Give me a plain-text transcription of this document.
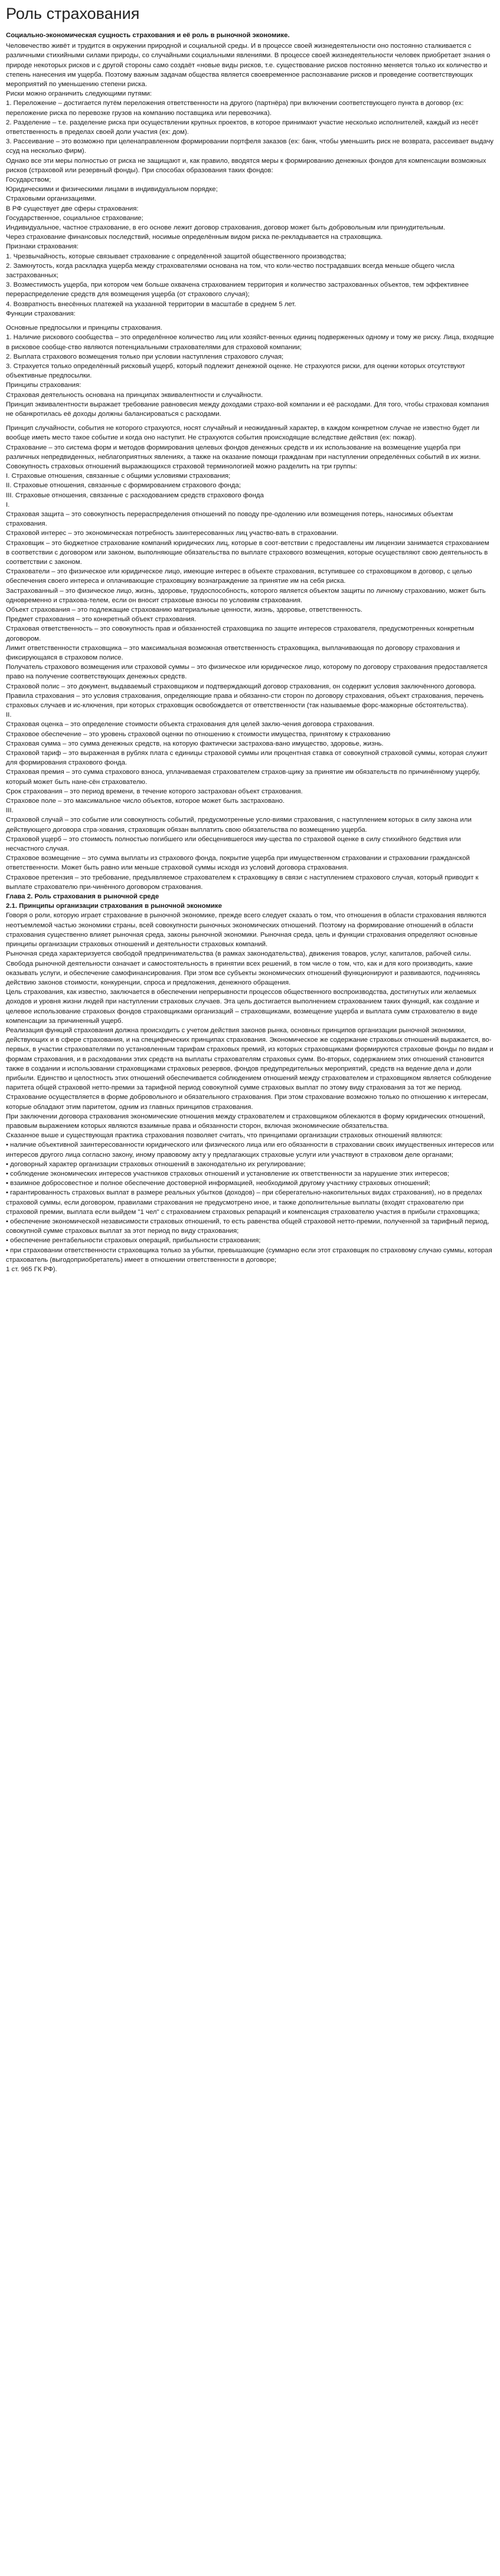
Роль страхования

Социально-экономическая сущность страхования и её роль в рыночной экономике.

Человечество живёт и трудится в окружении природной и социальной среды. И в процессе своей жизнедеятельности оно постоянно сталкивается с различными стихийными силами природы, со случайными социальными явлениями. В процессе своей жизнедеятельности человек приобретает знания о природе некоторых рисков и с другой стороны само создаёт «новые виды рисков, т.е. существование рисков постоянно меняется только их количество и степень нанесения им ущерба. Поэтому важным задачам общества является своевременное распознавание рисков и проведение соответствующих мероприятий по уменьшению степени риска.

Риски можно ограничить следующими путями:

1. Переложение – достигается путём переложения ответственности на другого (партнёра) при включении соответствующего пункта в договор (ex: переложение риска по перевозке грузов на компанию поставщика или перевозчика).

2. Разделение – т.е. разделение риска при осуществлении крупных проектов, в которое принимают участие несколько исполнителей, каждый из несёт ответственность в пределах своей доли участия (ex: дом).

3. Рассеивание – это возможно при целенаправленном формировании портфеля заказов (ex: банк, чтобы уменьшить риск не возврата, рассеивает выдачу ссуд на несколько фирм).

Однако все эти меры полностью от риска не защищают и, как правило, вводятся меры к формированию денежных фондов для компенсации возможных рисков (страховой или резервный фонды). При способах образования таких фондов:

Государством;

Юридическими и физическими лицами в индивидуальном порядке;

Страховыми организациями.

В РФ существует две сферы страхования:

Государственное, социальное страхование;

Индивидуальное, частное страхование, в его основе лежит договор страхования, договор может быть добровольным или принудительным.

Через страхование финансовых последствий, носимые определённым видом риска пе-рекладывается на страховщика.

Признаки страхования:

1. Чрезвычайность, которые связывает страхование с определённой защитой общественного производства;

2. Замкнутость, когда раскладка ущерба между страхователями основана на том, что коли-чество пострадавших всегда меньше общего числа застрахованных;

3. Возместимость ущерба, при котором чем больше охвачена страхованием территория и количество застрахованных объектов, тем эффективнее перераспределение средств для возмещения ущерба (от страхового случая);

4. Возвратность внесённых платежей на указанной территории в масштабе в среднем 5 лет.

Функции страхования:

Основные предпосылки и принципы страхования.

1. Наличие рискового сообщества – это определённое количество лиц или хозяйст-венных единиц подверженных одному и тому же риску. Лица, входящие в рисковое сообще-ство являются потенциальными страхователями для страховой компании;

2. Выплата страхового возмещения только при условии наступления страхового случая;

3. Страхуется только определённый рисковый ущерб, который подлежит денежной оценке. Не страхуются риски, для оценки которых отсутствуют объективные предпосылки.

Принципы страхования:

Страховая деятельность основана на принципах эквивалентности и случайности.

Принцип эквивалентности выражает требование равновесия между доходами страхо-вой компании и её расходами. Для того, чтобы страховая компания не обанкротилась её доходы должны балансироваться с расходами.

Принцип случайности, события не которого страхуются, носят случайный и неожиданный характер, в каждом конкретном случае не известно будет ли вообще иметь место такое событие и когда оно наступит. Не страхуются события происходящие вследствие действия (ex: пожар).

Страхование – это система форм и методов формирования целевых фондов денежных средств и их использование на возмещение ущерба при различных непредвиденных, неблагоприятных явлениях, а также на оказание помощи гражданам при наступлении определённых событий в их жизни.

Совокупность страховых отношений выражающихся страховой терминологией можно разделить на три группы:

I. Страховые отношения, связанные с общими условиями страхования;

II. Страховые отношения, связанные с формированием страхового фонда;

III. Страховые отношения, связанные с расходованием средств страхового фонда

I.

Страховая защита – это совокупность перераспределения отношений по поводу пре-одолению или возмещения потерь, наносимых объектам страхования.

Страховой интерес – это экономическая потребность заинтересованных лиц участво-вать в страховании.

Страховщик – это бюджетное страхование компаний юридических лиц, которые в соот-ветствии с предоставлены им лицензии занимается страхованием в соответствии с договором или законом, выполняющие обязательства по выплате страхового возмещения, которые осуществляют свою деятельность в соответствии с законом.

Страхователи – это физическое или юридическое лицо, имеющие интерес в объекте страхования, вступившее со страховщиком в договор, с целью обеспечения своего интереса и оплачивающие страховщику вознаграждение за принятие им на себя риска.

Застрахованный – это физическое лицо, жизнь, здоровье, трудоспособность, которого является объектом защиты по личному страхованию, может быть одновременно и страхова-телем, если он вносит страховые взносы по условиям страхования.

Объект страхования – это подлежащие страхованию материальные ценности, жизнь, здоровье, ответственность.

Предмет страхования – это конкретный объект страхования.

Страховая ответственность – это совокупность прав и обязанностей страховщика по защите интересов страхователя, предусмотренных конкретным договором.

Лимит ответственности страховщика – это максимальная возможная ответственность страховщика, выплачивающая по договору страхования и фиксирующаяся в страховом полисе.

Получатель страхового возмещения или страховой суммы – это физическое или юридическое лицо, которому по договору страхования предоставляется право на получение соответствующих денежных средств.

Страховой полис – это документ, выдаваемый страховщиком и подтверждающий договор страхования, он содержит условия заключённого договора.

Правила страхования – это условия страхования, определяющие права и обязанно-сти сторон по договору страхования, объект страхования, перечень страховых случаев и ис-ключения, при которых страховщик освобождается от ответственности (так называемые форс-мажорные обстоятельства).

II.

Страховая оценка – это определение стоимости объекта страхования для целей заклю-чения договора страхования.

Страховое обеспечение – это уровень страховой оценки по отношению к стоимости имущества, принятому к страхованию

Страховая сумма – это сумма денежных средств, на которую фактически застрахова-вано имущество, здоровье, жизнь.

Страховой тариф – это выраженная в рублях плата с единицы страховой суммы или процентная ставка от совокупной страховой суммы, которая служит для формирования страхового фонда.

Страховая премия – это сумма страхового взноса, уплачиваемая страхователем страхов-щику за принятие им обязательств по причинённому ущербу, который может быть нане-сён страхователю.

Срок страхования – это период времени, в течение которого застрахован объект страхования.

Страховое поле – это максимальное число объектов, которое может быть застраховано.

III.

Страховой случай – это событие или совокупность событий, предусмотренные усло-виями страхования, с наступлением которых в силу закона или действующего договора стра-хования, страховщик обязан выплатить свою обязательства по возмещению ущерба.

Страховой ущерб – это стоимость полностью погибшего или обесценившегося иму-щества по страховой оценке в силу стихийного бедствия или несчастного случая.

Страховое возмещение – это сумма выплаты из страхового фонда, покрытие ущерба при имущественном страховании и страховании гражданской ответственности. Может быть равно или меньше страховой суммы исходя из условий договора страхования.

Страховое претензия – это требование, предъявляемое страхователем к страховщику в связи с наступлением страхового случая, который приводит к выплате страхователю при-чинённого договором страхования.

Глава 2. Роль страхования в рыночной среде

2.1. Принципы организации страхования в рыночной экономике

Говоря о роли, которую играет страхование в рыночной экономике, прежде всего следует сказать о том, что отношения в области страхования являются неотъемлемой частью экономики страны, всей совокупности рыночных экономических отношений. Поэтому на формирование отношений в области страхования существенно влияет рыночная среда, законы рыночной экономики. Рыночная среда, цель и функции страхования определяют основные принципы организации страховых отношений и деятельности страховых компаний.

Рыночная среда характеризуется свободой предпринимательства (в рамках законодательства), движения товаров, услуг, капиталов, рабочей силы. Свобода рыночной деятельности означает и самостоятельность в принятии всех решений, в том числе о том, что, как и для кого производить, какие оказывать услуги, и обеспечение самофинансирования. При этом все субъекты экономических отношений функционируют и развиваются, подчиняясь действию законов стоимости, конкуренции, спроса и предложения, денежного обращения.

Цель страхования, как известно, заключается в обеспечении непрерывности процессов общественного воспроизводства, достигнутых или желаемых доходов и уровня жизни людей при наступлении страховых случаев. Эта цель достигается выполнением страхованием таких функций, как создание и целевое использование страховых фондов страховщиками организаций – страховщиками, возмещение ущерба и выплата сумм страхователю в виде компенсации за причиненный ущерб.

Реализация функций страхования должна происходить с учетом действия законов рынка, основных принципов организации рыночной экономики, действующих и в сфере страхования, и на специфических принципах страхования. Экономическое же содержание страховых отношений выражается, во-первых, в участии страхователями по установленным тарифам страховых премий, из которых страховщиками формируются страховые фонды по видам и формам страхования, и в расходовании этих средств на выплаты страхователям страховых сумм. Во-вторых, содержанием этих отношений становится также в создании и использовании страховщиками страховых резервов, фондов предупредительных мероприятий, средств на ведение дела и доли прибыли. Единство и целостность этих отношений обеспечивается соблюдением отношений между страхователем и страховщиком является соблюдение паритета общей страховой нетто-премии за тарифной период совокупной сумме страховых выплат по этому виду страхования за тот же период.

Страхование осуществляется в форме добровольного и обязательного страхования. При этом страхование возможно только по отношению к интересам, которые обладают этим паритетом, одним из главных принципов страхования.

При заключении договора страхования экономические отношения между страхователем и страховщиком облекаются в форму юридических отношений, правовым выражением которых являются взаимные права и обязанности сторон, включая экономические обязательства.

Сказанное выше и существующая практика страхования позволяет считать, что принципами организации страховых отношений являются:

• наличие объективной заинтересованности юридического или физического лица или его обязанности в страховании своих имущественных интересов или интересов другого лица согласно закону, иному правовому акту у предлагающих страховые услуги или участвуют в страховом деле органами;

• договорный характер организации страховых отношений в законодательно их регулирование;

• соблюдение экономических интересов участников страховых отношений и установление их ответственности за нарушение этих интересов;

• взаимное добросовестное и полное обеспечение достоверной информацией, необходимой другому участнику страховых отношений;

• гарантированность страховых выплат в размере реальных убытков (доходов) – при сберегательно-накопительных видах страхования), но в пределах страховой суммы, если договором, правилами страхования не предусмотрено иное, и также дополнительные выплаты (входят страхователю при страховой премии, выплата если выйдем "1 чел" с страхованием страховых репараций и компенсация страхователю участия в прибыли страховщика;

• обеспечение экономической независимости страховых отношений, то есть равенства общей страховой нетто-премии, полученной за тарифный период, совокупной сумме страховых выплат за этот период по виду страхования;

• обеспечение рентабельности страховых операций, прибыльности страхования;

• при страховании ответственности страховщика только за убытки, превышающие (суммарно если этот страховщик по страховому случаю суммы, которая страхователь (выгодоприобретатель) имеет в отношении ответственности в договоре;

1 ст. 965 ГК РФ).
